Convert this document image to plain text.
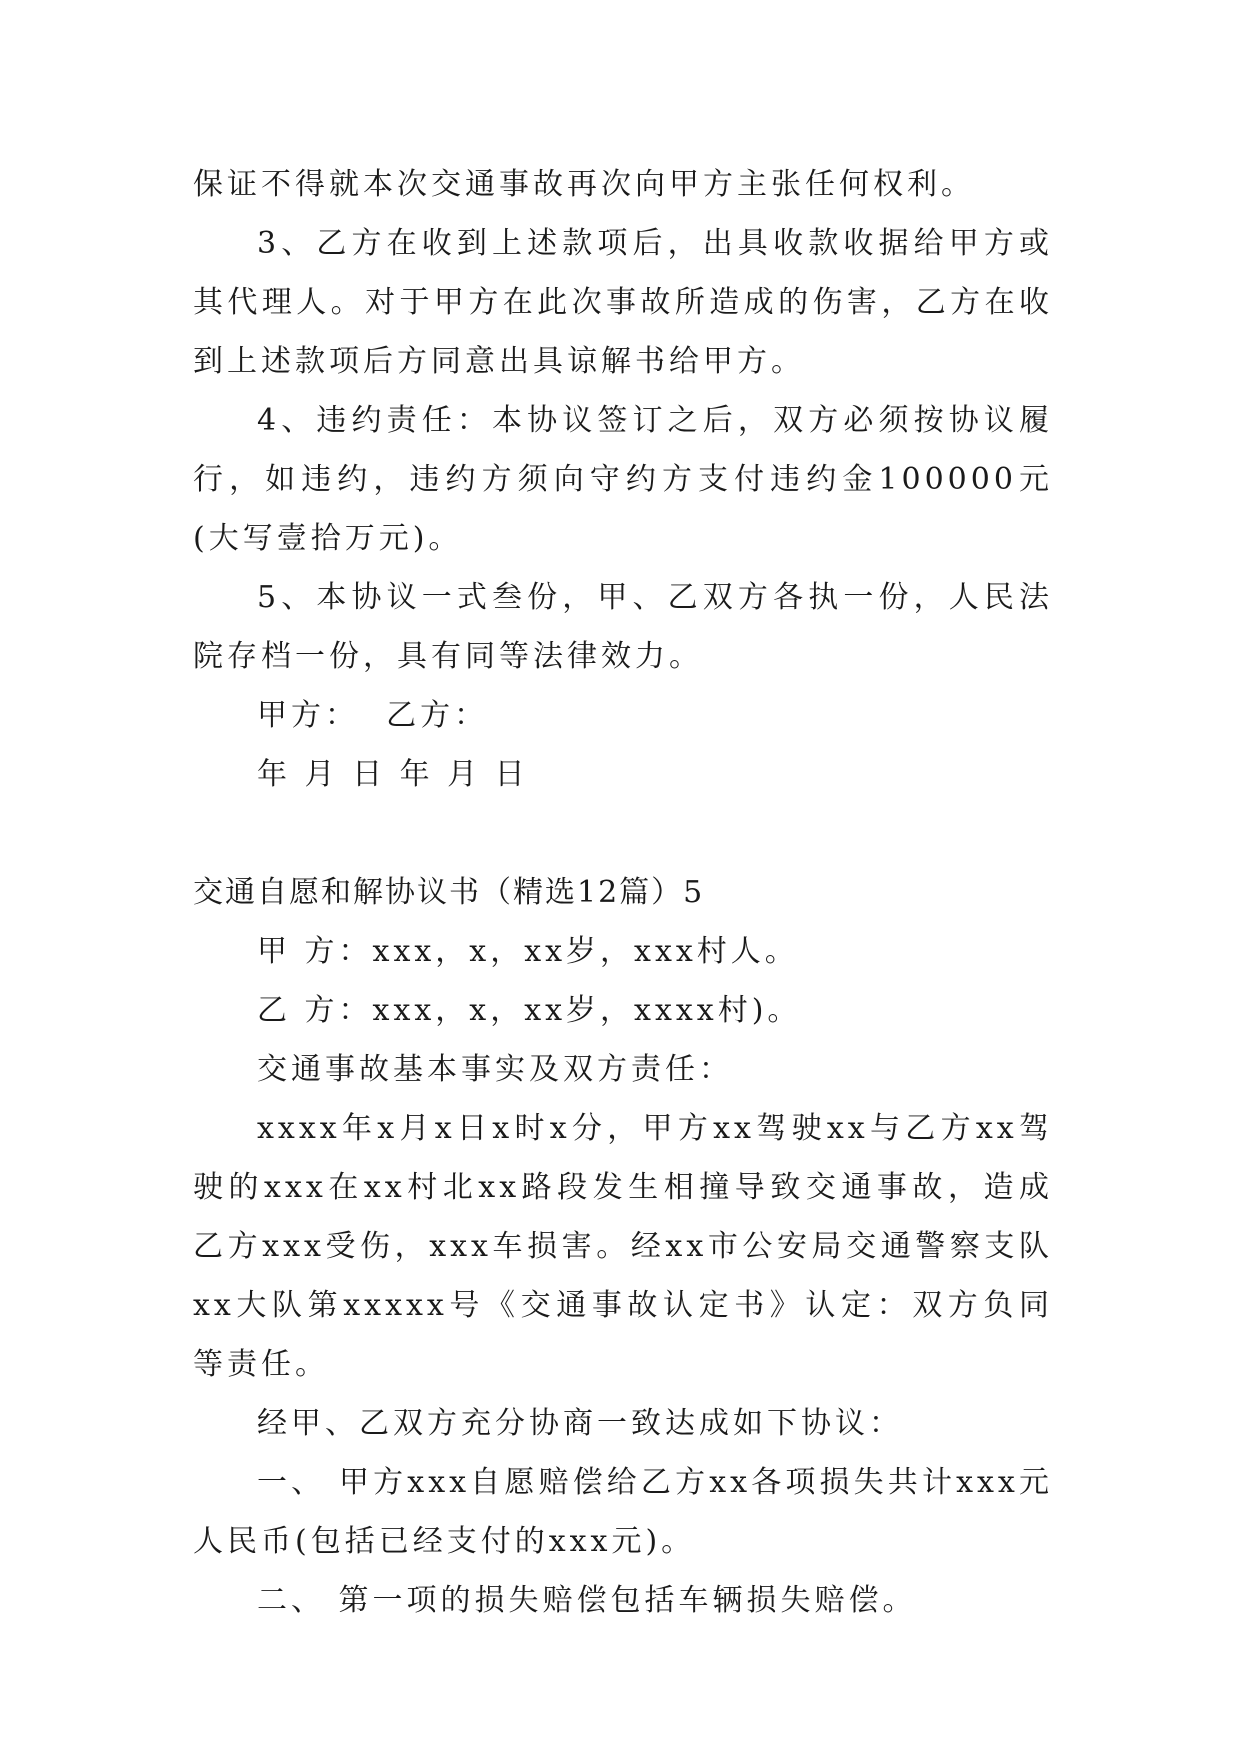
保证不得就本次交通事故再次向甲方主张任何权利。

3、乙方在收到上述款项后，出具收款收据给甲方或其代理人。对于甲方在此次事故所造成的伤害，乙方在收到上述款项后方同意出具谅解书给甲方。

4、违约责任：本协议签订之后，双方必须按协议履行，如违约，违约方须向守约方支付违约金100000元(大写壹拾万元)。

5、本协议一式叁份，甲、乙双方各执一份，人民法院存档一份，具有同等法律效力。

甲方：  乙方：

年 月 日 年 月 日

交通自愿和解协议书（精选12篇）5

甲 方：xxx，x，xx岁，xxx村人。

乙 方：xxx，x，xx岁，xxxx村)。

交通事故基本事实及双方责任：

xxxx年x月x日x时x分，甲方xx驾驶xx与乙方xx驾驶的xxx在xx村北xx路段发生相撞导致交通事故，造成乙方xxx受伤，xxx车损害。经xx市公安局交通警察支队xx大队第xxxxx号《交通事故认定书》认定：双方负同等责任。

经甲、乙双方充分协商一致达成如下协议：

一、 甲方xxx自愿赔偿给乙方xx各项损失共计xxx元人民币(包括已经支付的xxx元)。

二、 第一项的损失赔偿包括车辆损失赔偿。
